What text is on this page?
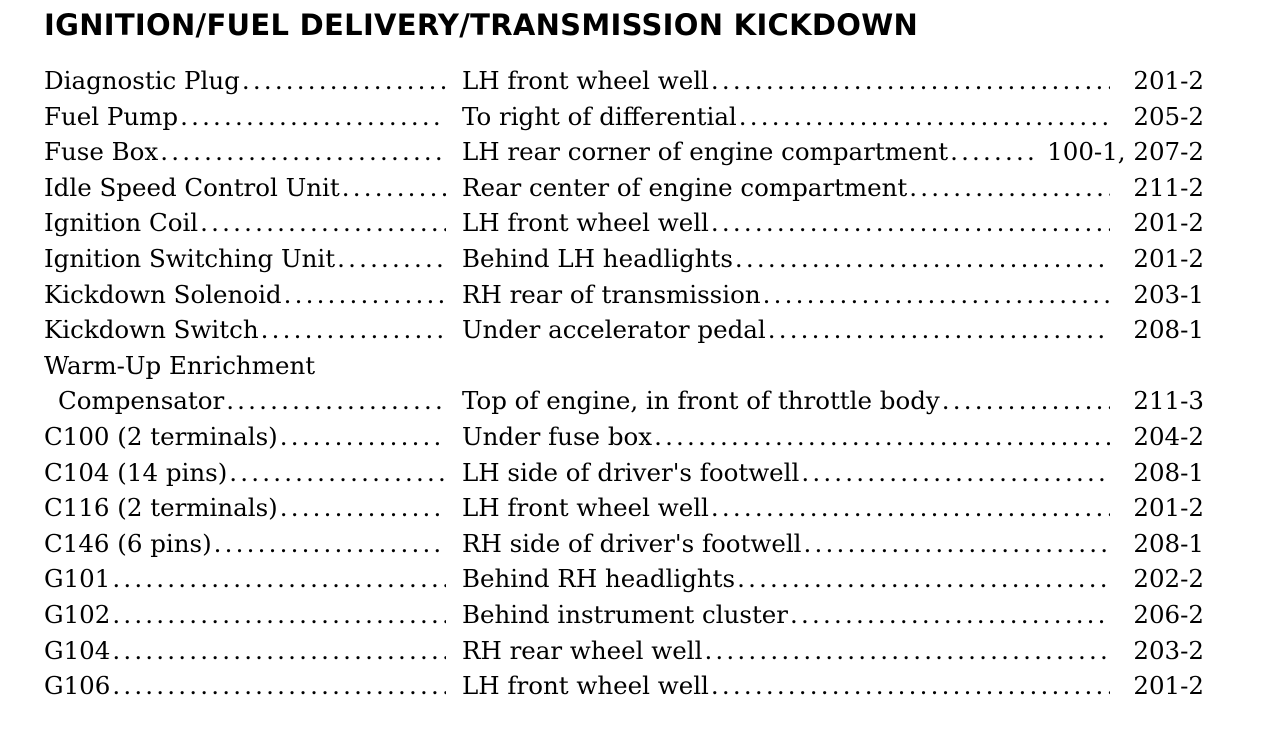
IGNITION/FUEL DELIVERY/TRANSMISSION KICKDOWN
Diagnostic Plug .....	LH front wheel well .....	201-2
Fuel Pump .....	To right of differential .....	205-2
Fuse Box .....	LH rear corner of engine compartment .....	100-1, 207-2
Idle Speed Control Unit .....	Rear center of engine compartment .....	211-2
Ignition Coil .....	LH front wheel well .....	201-2
Ignition Switching Unit .....	Behind LH headlights .....	201-2
Kickdown Solenoid .....	RH rear of transmission .....	203-1
Kickdown Switch .....	Under accelerator pedal .....	208-1
Warm-Up Enrichment
Compensator .....	Top of engine, in front of throttle body .....	211-3
C100 (2 terminals) .....	Under fuse box .....	204-2
C104 (14 pins) .....	LH side of driver's footwell .....	208-1
C116 (2 terminals) .....	LH front wheel well .....	201-2
C146 (6 pins) .....	RH side of driver's footwell .....	208-1
G101 .....	Behind RH headlights .....	202-2
G102 .....	Behind instrument cluster .....	206-2
G104 .....	RH rear wheel well .....	203-2
G106 .....	LH front wheel well .....	201-2
